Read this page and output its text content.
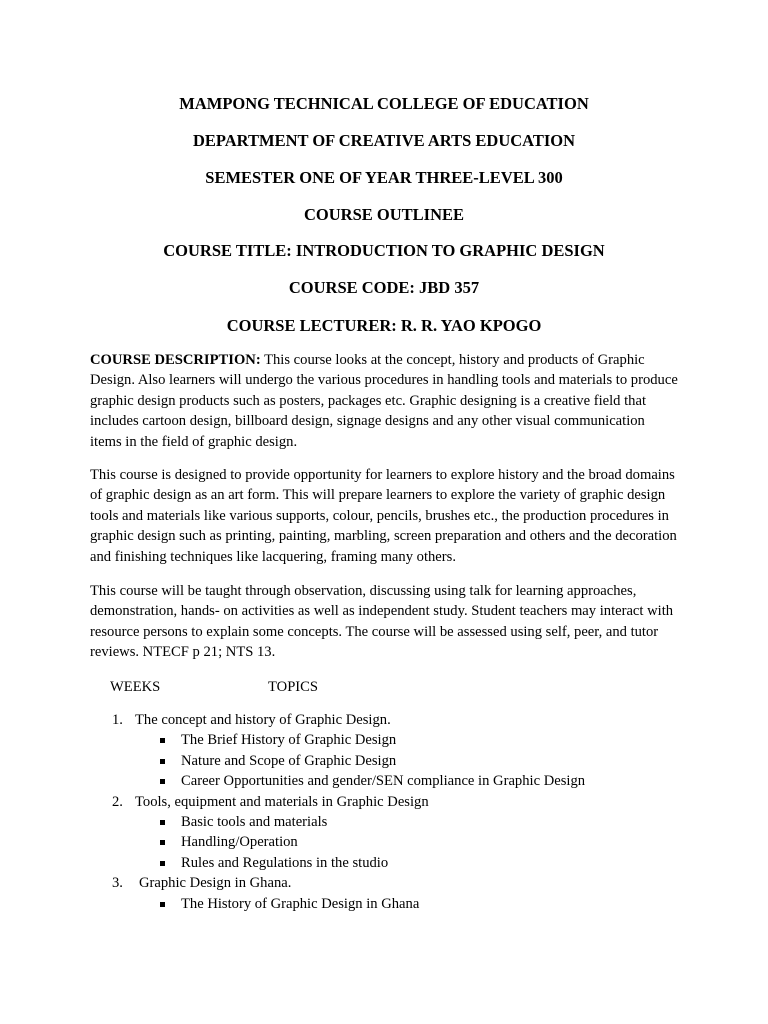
MAMPONG TECHNICAL COLLEGE OF EDUCATION
DEPARTMENT OF CREATIVE ARTS EDUCATION
SEMESTER ONE OF YEAR THREE-LEVEL 300
COURSE OUTLINEE
COURSE TITLE: INTRODUCTION TO GRAPHIC DESIGN
COURSE CODE: JBD 357
COURSE LECTURER: R. R. YAO KPOGO
COURSE DESCRIPTION: This course looks at the concept, history and products of Graphic Design. Also learners will undergo the various procedures in handling tools and materials to produce graphic design products such as posters, packages etc. Graphic designing is a creative field that includes cartoon design, billboard design, signage designs and any other visual communication items in the field of graphic design.
This course is designed to provide opportunity for learners to explore history and the broad domains of graphic design as an art form. This will prepare learners to explore the variety of graphic design tools and materials like various supports, colour, pencils, brushes etc., the production procedures in graphic design such as printing, painting, marbling, screen preparation and others and the decoration and finishing techniques like lacquering, framing many others.
This course will be taught through observation, discussing using talk for learning approaches, demonstration, hands- on activities as well as independent study. Student teachers may interact with resource persons to explain some concepts. The course will be assessed using self, peer, and tutor reviews. NTECF p 21; NTS 13.
WEEKS	TOPICS
1. The concept and history of Graphic Design.
The Brief History of Graphic Design
Nature and Scope of Graphic Design
Career Opportunities and gender/SEN compliance in Graphic Design
2. Tools, equipment and materials in Graphic Design
Basic tools and materials
Handling/Operation
Rules and Regulations in the studio
3. Graphic Design in Ghana.
The History of Graphic Design in Ghana
